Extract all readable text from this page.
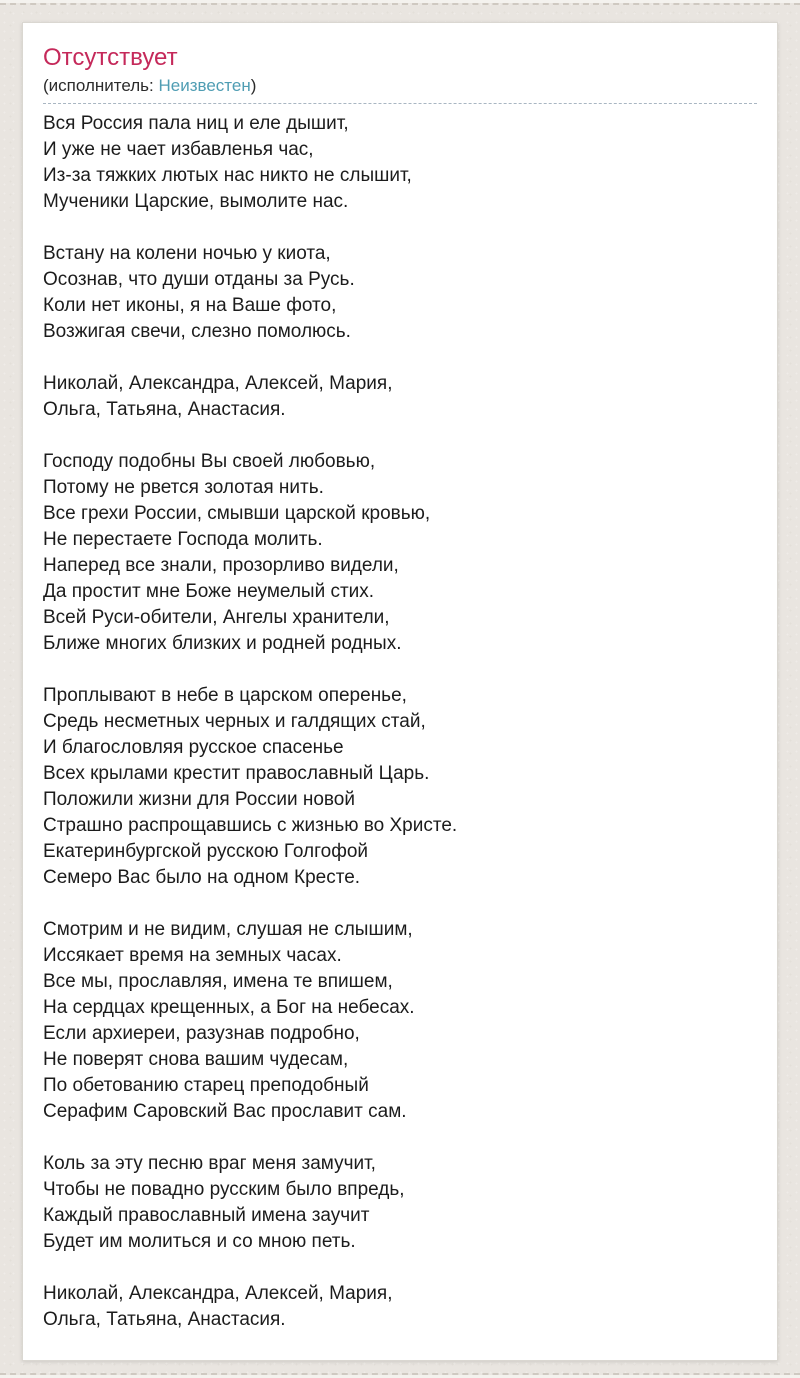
Отсутствует
(исполнитель: Неизвестен)
Вся Россия пала ниц и еле дышит,
И уже не чает избавленья час,
Из-за тяжких лютых нас никто не слышит,
Мученики Царские, вымолите нас.
Встану на колени ночью у киота,
Осознав, что души отданы за Русь.
Коли нет иконы, я на Ваше фото,
Возжигая свечи, слезно помолюсь.
Николай, Александра, Алексей, Мария,
Ольга, Татьяна, Анастасия.
Господу подобны Вы своей любовью,
Потому не рвется золотая нить.
Все грехи России, смывши царской кровью,
Не перестаете Господа молить.
Наперед все знали, прозорливо видели,
Да простит мне Боже неумелый стих.
Всей Руси-обители, Ангелы хранители,
Ближе многих близких и родней родных.
Проплывают в небе в царском оперенье,
Средь несметных черных и галдящих стай,
И благословляя русское спасенье
Всех крылами крестит православный Царь.
Положили жизни для России новой
Страшно распрощавшись с жизнью во Христе.
Екатеринбургской русскою Голгофой
Семеро Вас было на одном Кресте.
Смотрим и не видим, слушая не слышим,
Иссякает время на земных часах.
Все мы, прославляя, имена те впишем,
На сердцах крещенных, а Бог на небесах.
Если архиереи, разузнав подробно,
Не поверят снова вашим чудесам,
По обетованию старец преподобный
Серафим Саровский Вас прославит сам.
Коль за эту песню враг меня замучит,
Чтобы не повадно русским было впредь,
Каждый православный имена заучит
Будет им молиться и со мною петь.
Николай, Александра, Алексей, Мария,
Ольга, Татьяна, Анастасия.
